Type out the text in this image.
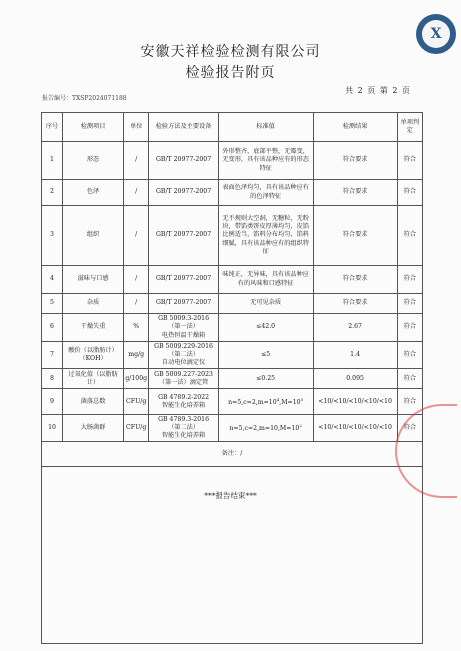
X
安徽天祥检验检测有限公司
检验报告附页
共 2 页 第 2 页
报告编号：TXSP2024071188
序号	检测项目	单位	检验方法及主要设备	标准值	检测结果	单项判定
1	形态	/	GB/T 20977-2007	外形整齐，底部平整，无霉变，无变形，具有该品种应有的形态特征	符合要求	符合
2	色泽	/	GB/T 20977-2007	表面色泽均匀，具有该品种应有的色泽特征	符合要求	符合
3	组织	/	GB/T 20977-2007	无不规则大空洞，无糖粒，无粉块，带馅类饼皮厚薄均匀，皮馅比例适当，馅料分布均匀，馅料细腻，具有该品种应有的组织特征	符合要求	符合
4	滋味与口感	/	GB/T 20977-2007	味纯正，无异味，具有该品种应有的风味和口感特征	符合要求	符合
5	杂质	/	GB/T 20977-2007	无可见杂质	符合要求	符合
6	干燥失重	%	GB 5009.3-2016
（第一法）
电热恒温干燥箱	≤42.0	2.67	符合
7	酸价（以脂肪计）（KOH）	mg/g	GB 5009.229-2016
（第二法）
自动电位滴定仪	≤5	1.4	符合
8	过氧化值（以脂肪计）	g/100g	GB 5009.227-2023
（第一法）滴定管	≤0.25	0.095	符合
9	菌落总数	CFU/g	GB 4789.2-2022
智能生化培养箱	$n=5,c=2,m=10^4,M=10^5$	<10/<10/<10/<10/<10	符合
10	大肠菌群	CFU/g	GB 4789.3-2016
（第二法）
智能生化培养箱	$n=5,c=2,m=10,M=10^2$	<10/<10/<10/<10/<10	符合
备注：/						

***报告结束***
